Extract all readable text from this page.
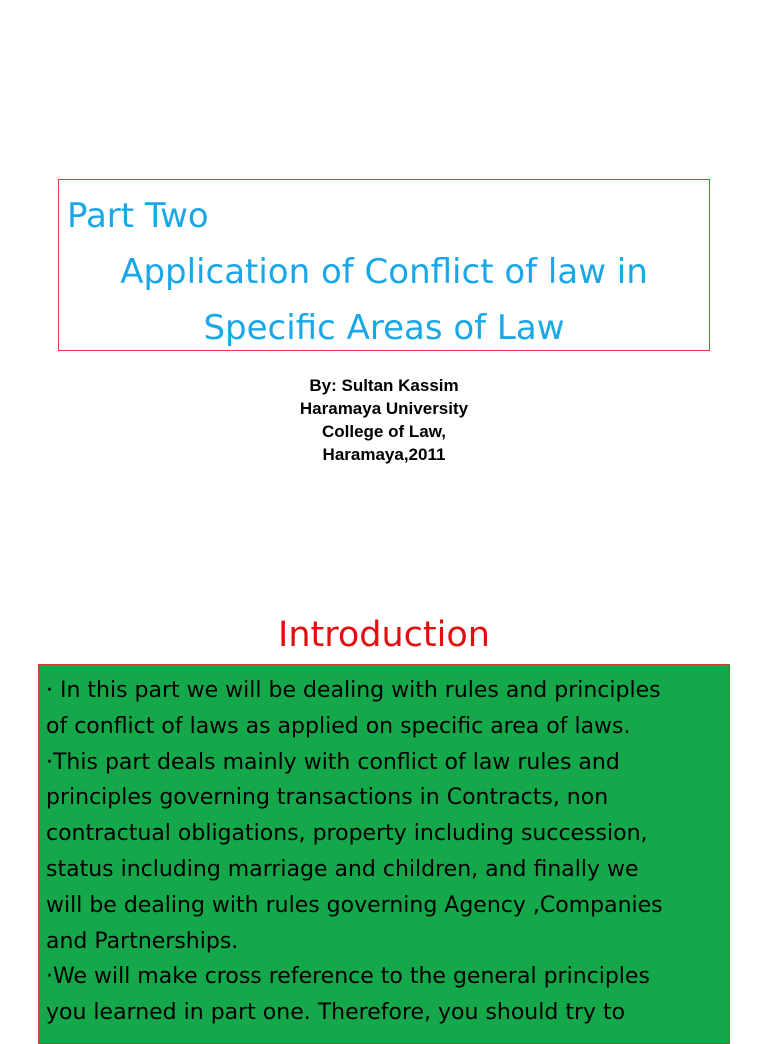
Part Two
Application of Conflict of law in
Specific Areas of Law
By: Sultan Kassim
Haramaya University
College of Law,
Haramaya,2011
Introduction
· In this part we will be dealing with rules and principles
of conflict of laws as applied on specific area of laws.
·This part deals mainly with conflict of law rules and
principles governing transactions in Contracts, non
contractual obligations, property including succession,
status including marriage and children, and finally we
will be dealing with rules governing Agency ,Companies
and Partnerships.
·We will make cross reference to the general principles
you learned in part one. Therefore, you should try to
